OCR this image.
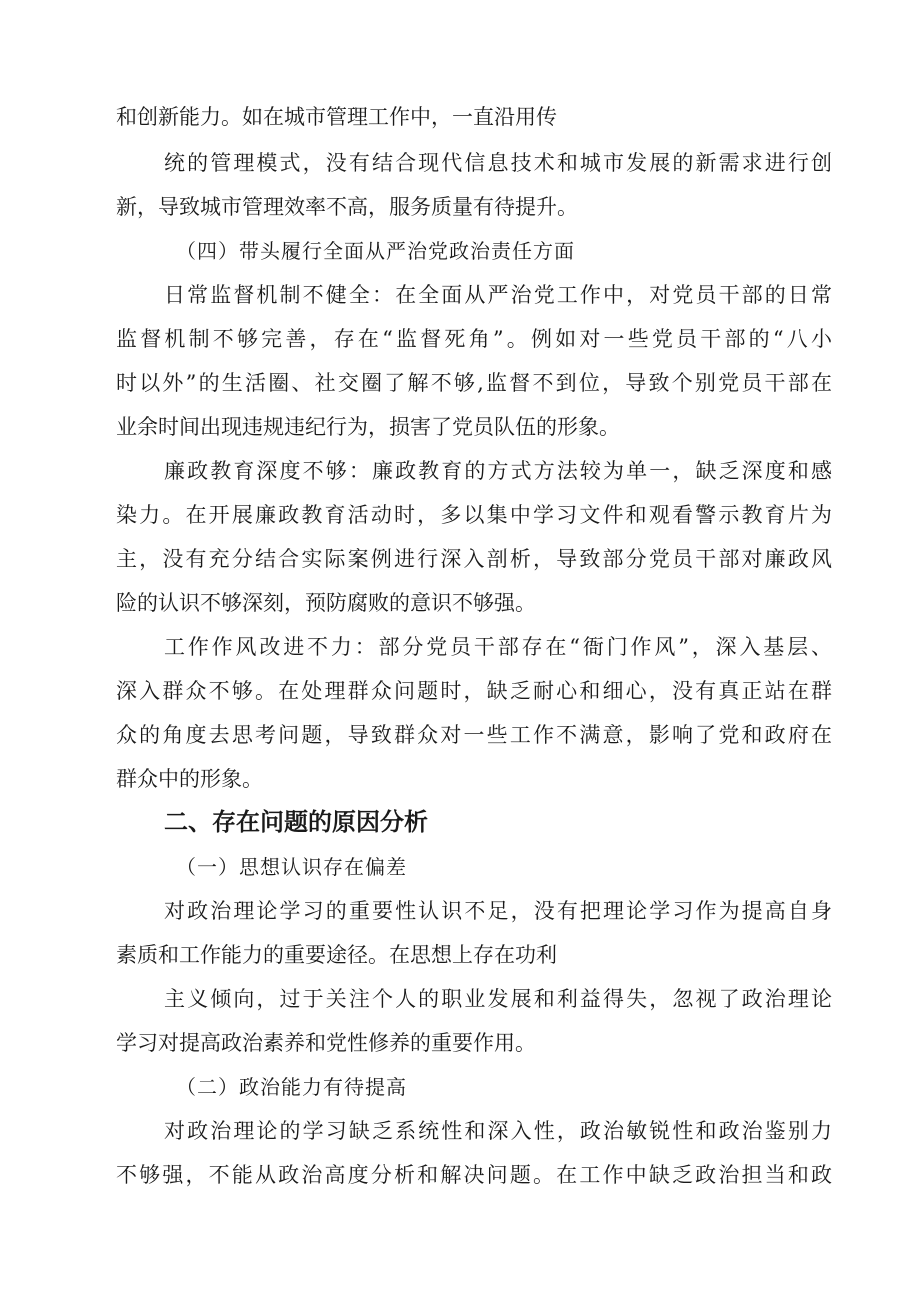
和创新能力。如在城市管理工作中，一直沿用传

统的管理模式，没有结合现代信息技术和城市发展的新需求进行创

新，导致城市管理效率不高，服务质量有待提升。

（四）带头履行全面从严治党政治责任方面

日常监督机制不健全：在全面从严治党工作中，对党员干部的日常

监督机制不够完善，存在“监督死角”。例如对一些党员干部的“八小

时以外”的生活圈、社交圈了解不够,监督不到位，导致个别党员干部在

业余时间出现违规违纪行为，损害了党员队伍的形象。

廉政教育深度不够：廉政教育的方式方法较为单一，缺乏深度和感

染力。在开展廉政教育活动时，多以集中学习文件和观看警示教育片为

主，没有充分结合实际案例进行深入剖析，导致部分党员干部对廉政风

险的认识不够深刻，预防腐败的意识不够强。

工作作风改进不力：部分党员干部存在“衙门作风”，深入基层、

深入群众不够。在处理群众问题时，缺乏耐心和细心，没有真正站在群

众的角度去思考问题，导致群众对一些工作不满意，影响了党和政府在

群众中的形象。

二、存在问题的原因分析

（一）思想认识存在偏差

对政治理论学习的重要性认识不足，没有把理论学习作为提高自身

素质和工作能力的重要途径。在思想上存在功利

主义倾向，过于关注个人的职业发展和利益得失，忽视了政治理论

学习对提高政治素养和党性修养的重要作用。

（二）政治能力有待提高

对政治理论的学习缺乏系统性和深入性，政治敏锐性和政治鉴别力

不够强，不能从政治高度分析和解决问题。在工作中缺乏政治担当和政
